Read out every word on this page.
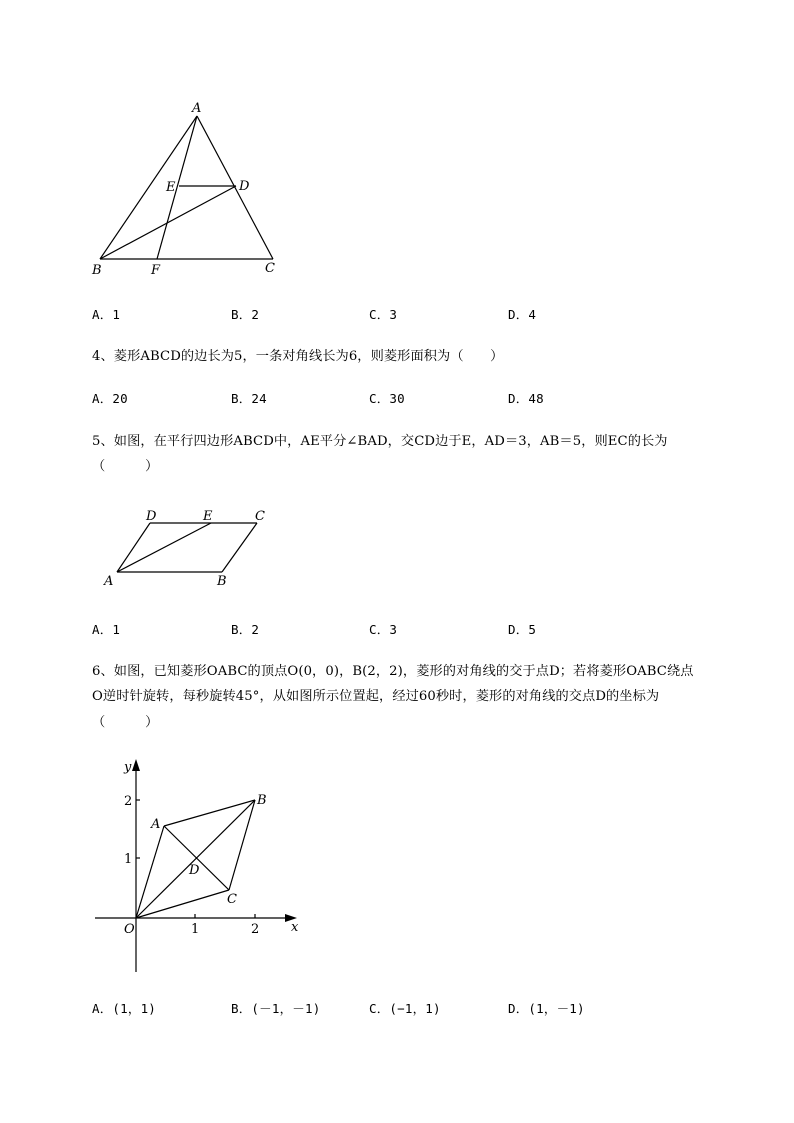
A
B	C
D
E
F
A．1	B．2	C．3	D．4
4、菱形ABCD的边长为5，一条对角线长为6，则菱形面积为（　　）
A．20	B．24	C．30	D．48
5、如图，在平行四边形ABCD中，AE平分∠BAD，交CD边于E，AD＝3，AB＝5，则EC的长为
（　　　）
D	E	C
A	B
A．1	B．2	C．3	D．5
6、如图，已知菱形OABC的顶点O(0，0)，B(2，2)，菱形的对角线的交于点D；若将菱形OABC绕点
O逆时针旋转，每秒旋转45°，从如图所示位置起，经过60秒时，菱形的对角线的交点D的坐标为
（　　　）
y
x
O	1	2
1
2
A
B
C
D
A．(1，1)	B．(－1，－1)	C．(−1，1)	D．(1，－1)
